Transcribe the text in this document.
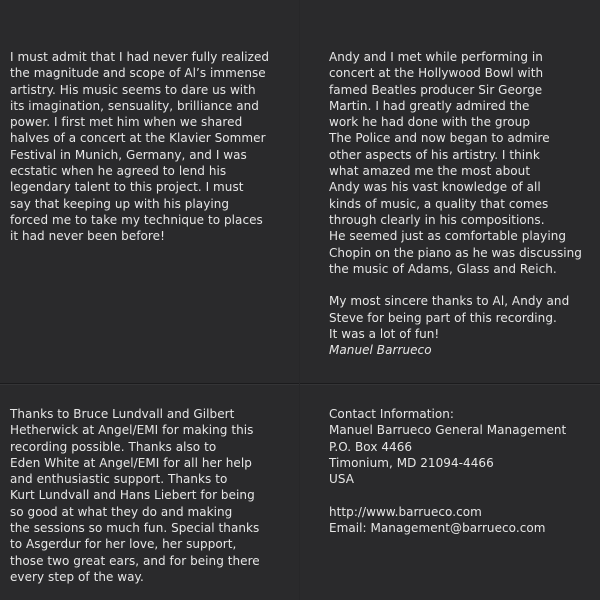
I must admit that I had never fully realized
the magnitude and scope of Al’s immense
artistry. His music seems to dare us with
its imagination, sensuality, brilliance and
power. I first met him when we shared
halves of a concert at the Klavier Sommer
Festival in Munich, Germany, and I was
ecstatic when he agreed to lend his
legendary talent to this project. I must
say that keeping up with his playing
forced me to take my technique to places
it had never been before!

Andy and I met while performing in
concert at the Hollywood Bowl with
famed Beatles producer Sir George
Martin. I had greatly admired the
work he had done with the group
The Police and now began to admire
other aspects of his artistry. I think
what amazed me the most about
Andy was his vast knowledge of all
kinds of music, a quality that comes
through clearly in his compositions.
He seemed just as comfortable playing
Chopin on the piano as he was discussing
the music of Adams, Glass and Reich.

My most sincere thanks to Al, Andy and
Steve for being part of this recording.
It was a lot of fun!
Manuel Barrueco

Thanks to Bruce Lundvall and Gilbert
Hetherwick at Angel/EMI for making this
recording possible. Thanks also to
Eden White at Angel/EMI for all her help
and enthusiastic support. Thanks to
Kurt Lundvall and Hans Liebert for being
so good at what they do and making
the sessions so much fun. Special thanks
to Asgerdur for her love, her support,
those two great ears, and for being there
every step of the way.

Contact Information:
Manuel Barrueco General Management
P.O. Box 4466
Timonium, MD 21094-4466
USA
http://www.barrueco.com
Email: Management@barrueco.com
